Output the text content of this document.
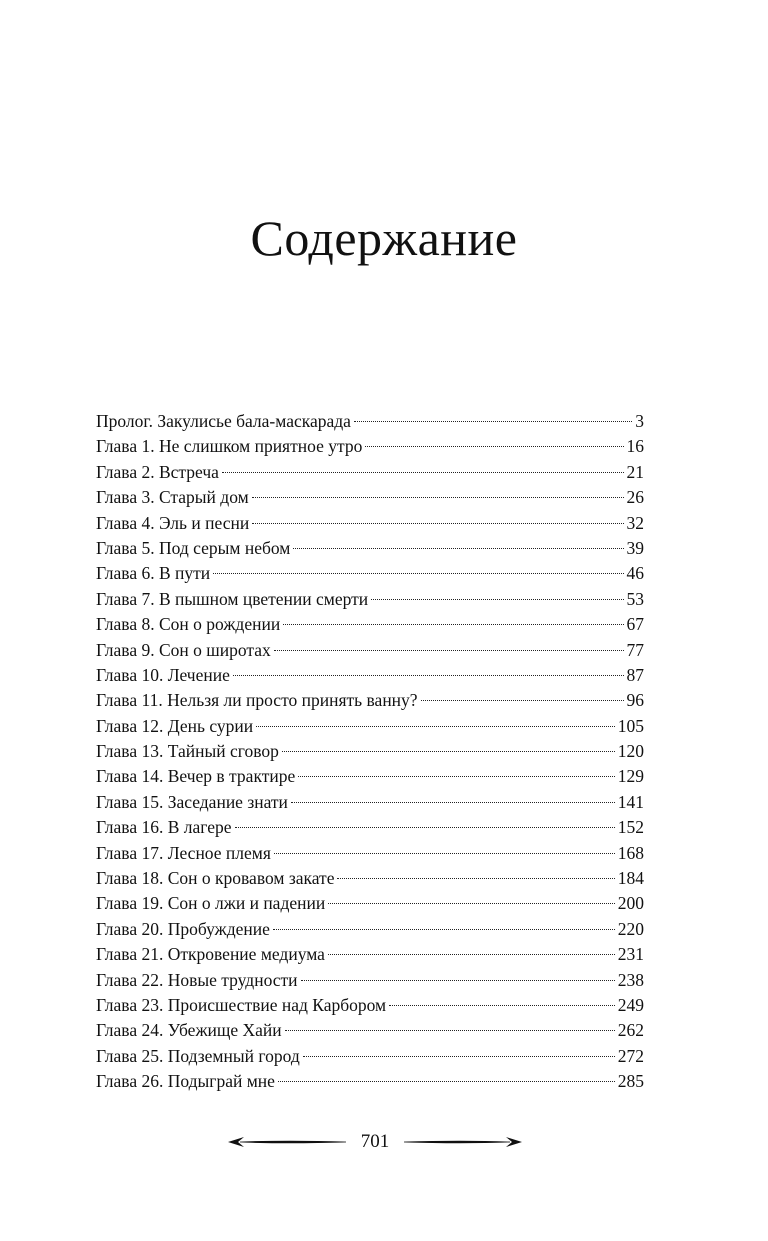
Содержание
Пролог. Закулисье бала-маскарада	3
Глава 1. Не слишком приятное утро	16
Глава 2. Встреча	21
Глава 3. Старый дом	26
Глава 4. Эль и песни	32
Глава 5. Под серым небом	39
Глава 6. В пути	46
Глава 7. В пышном цветении смерти	53
Глава 8. Сон о рождении	67
Глава 9. Сон о широтах	77
Глава 10. Лечение	87
Глава 11. Нельзя ли просто принять ванну?	96
Глава 12. День сурии	105
Глава 13. Тайный сговор	120
Глава 14. Вечер в трактире	129
Глава 15. Заседание знати	141
Глава 16. В лагере	152
Глава 17. Лесное племя	168
Глава 18. Сон о кровавом закате	184
Глава 19. Сон о лжи и падении	200
Глава 20. Пробуждение	220
Глава 21. Откровение медиума	231
Глава 22. Новые трудности	238
Глава 23. Происшествие над Карбором	249
Глава 24. Убежище Хайи	262
Глава 25. Подземный город	272
Глава 26. Подыграй мне	285
701
